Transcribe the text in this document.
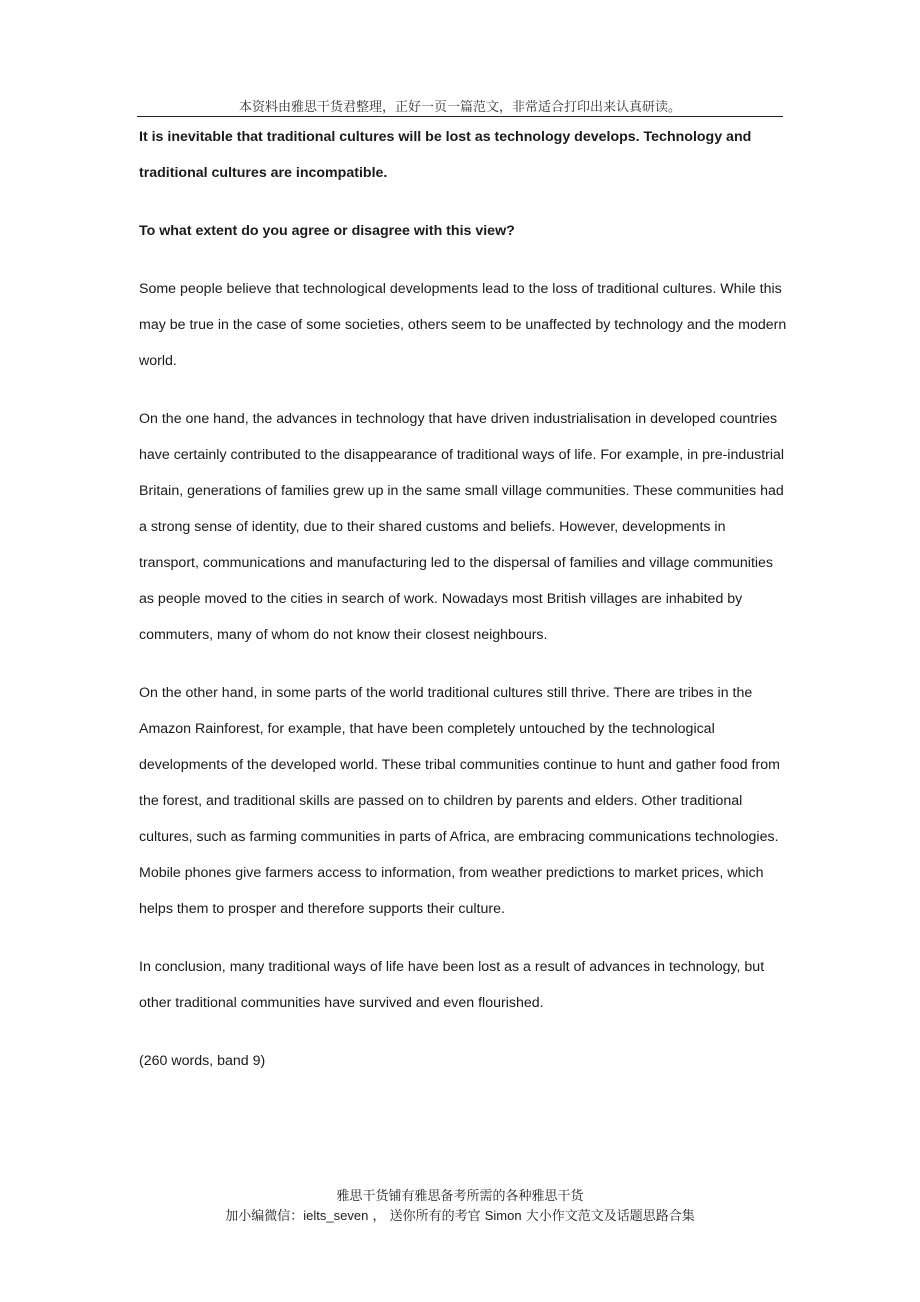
本资料由雅思干货君整理，正好一页一篇范文，非常适合打印出来认真研读。

It is inevitable that traditional cultures will be lost as technology develops. Technology and traditional cultures are incompatible.

To what extent do you agree or disagree with this view?

Some people believe that technological developments lead to the loss of traditional cultures. While this may be true in the case of some societies, others seem to be unaffected by technology and the modern world.

On the one hand, the advances in technology that have driven industrialisation in developed countries have certainly contributed to the disappearance of traditional ways of life. For example, in pre-industrial Britain, generations of families grew up in the same small village communities. These communities had a strong sense of identity, due to their shared customs and beliefs. However, developments in transport, communications and manufacturing led to the dispersal of families and village communities as people moved to the cities in search of work. Nowadays most British villages are inhabited by commuters, many of whom do not know their closest neighbours.

On the other hand, in some parts of the world traditional cultures still thrive. There are tribes in the Amazon Rainforest, for example, that have been completely untouched by the technological developments of the developed world. These tribal communities continue to hunt and gather food from the forest, and traditional skills are passed on to children by parents and elders. Other traditional cultures, such as farming communities in parts of Africa, are embracing communications technologies. Mobile phones give farmers access to information, from weather predictions to market prices, which helps them to prosper and therefore supports their culture.

In conclusion, many traditional ways of life have been lost as a result of advances in technology, but other traditional communities have survived and even flourished.

(260 words, band 9)

雅思干货铺有雅思备考所需的各种雅思干货
加小编微信：ielts_seven ， 送你所有的考官 Simon 大小作文范文及话题思路合集
